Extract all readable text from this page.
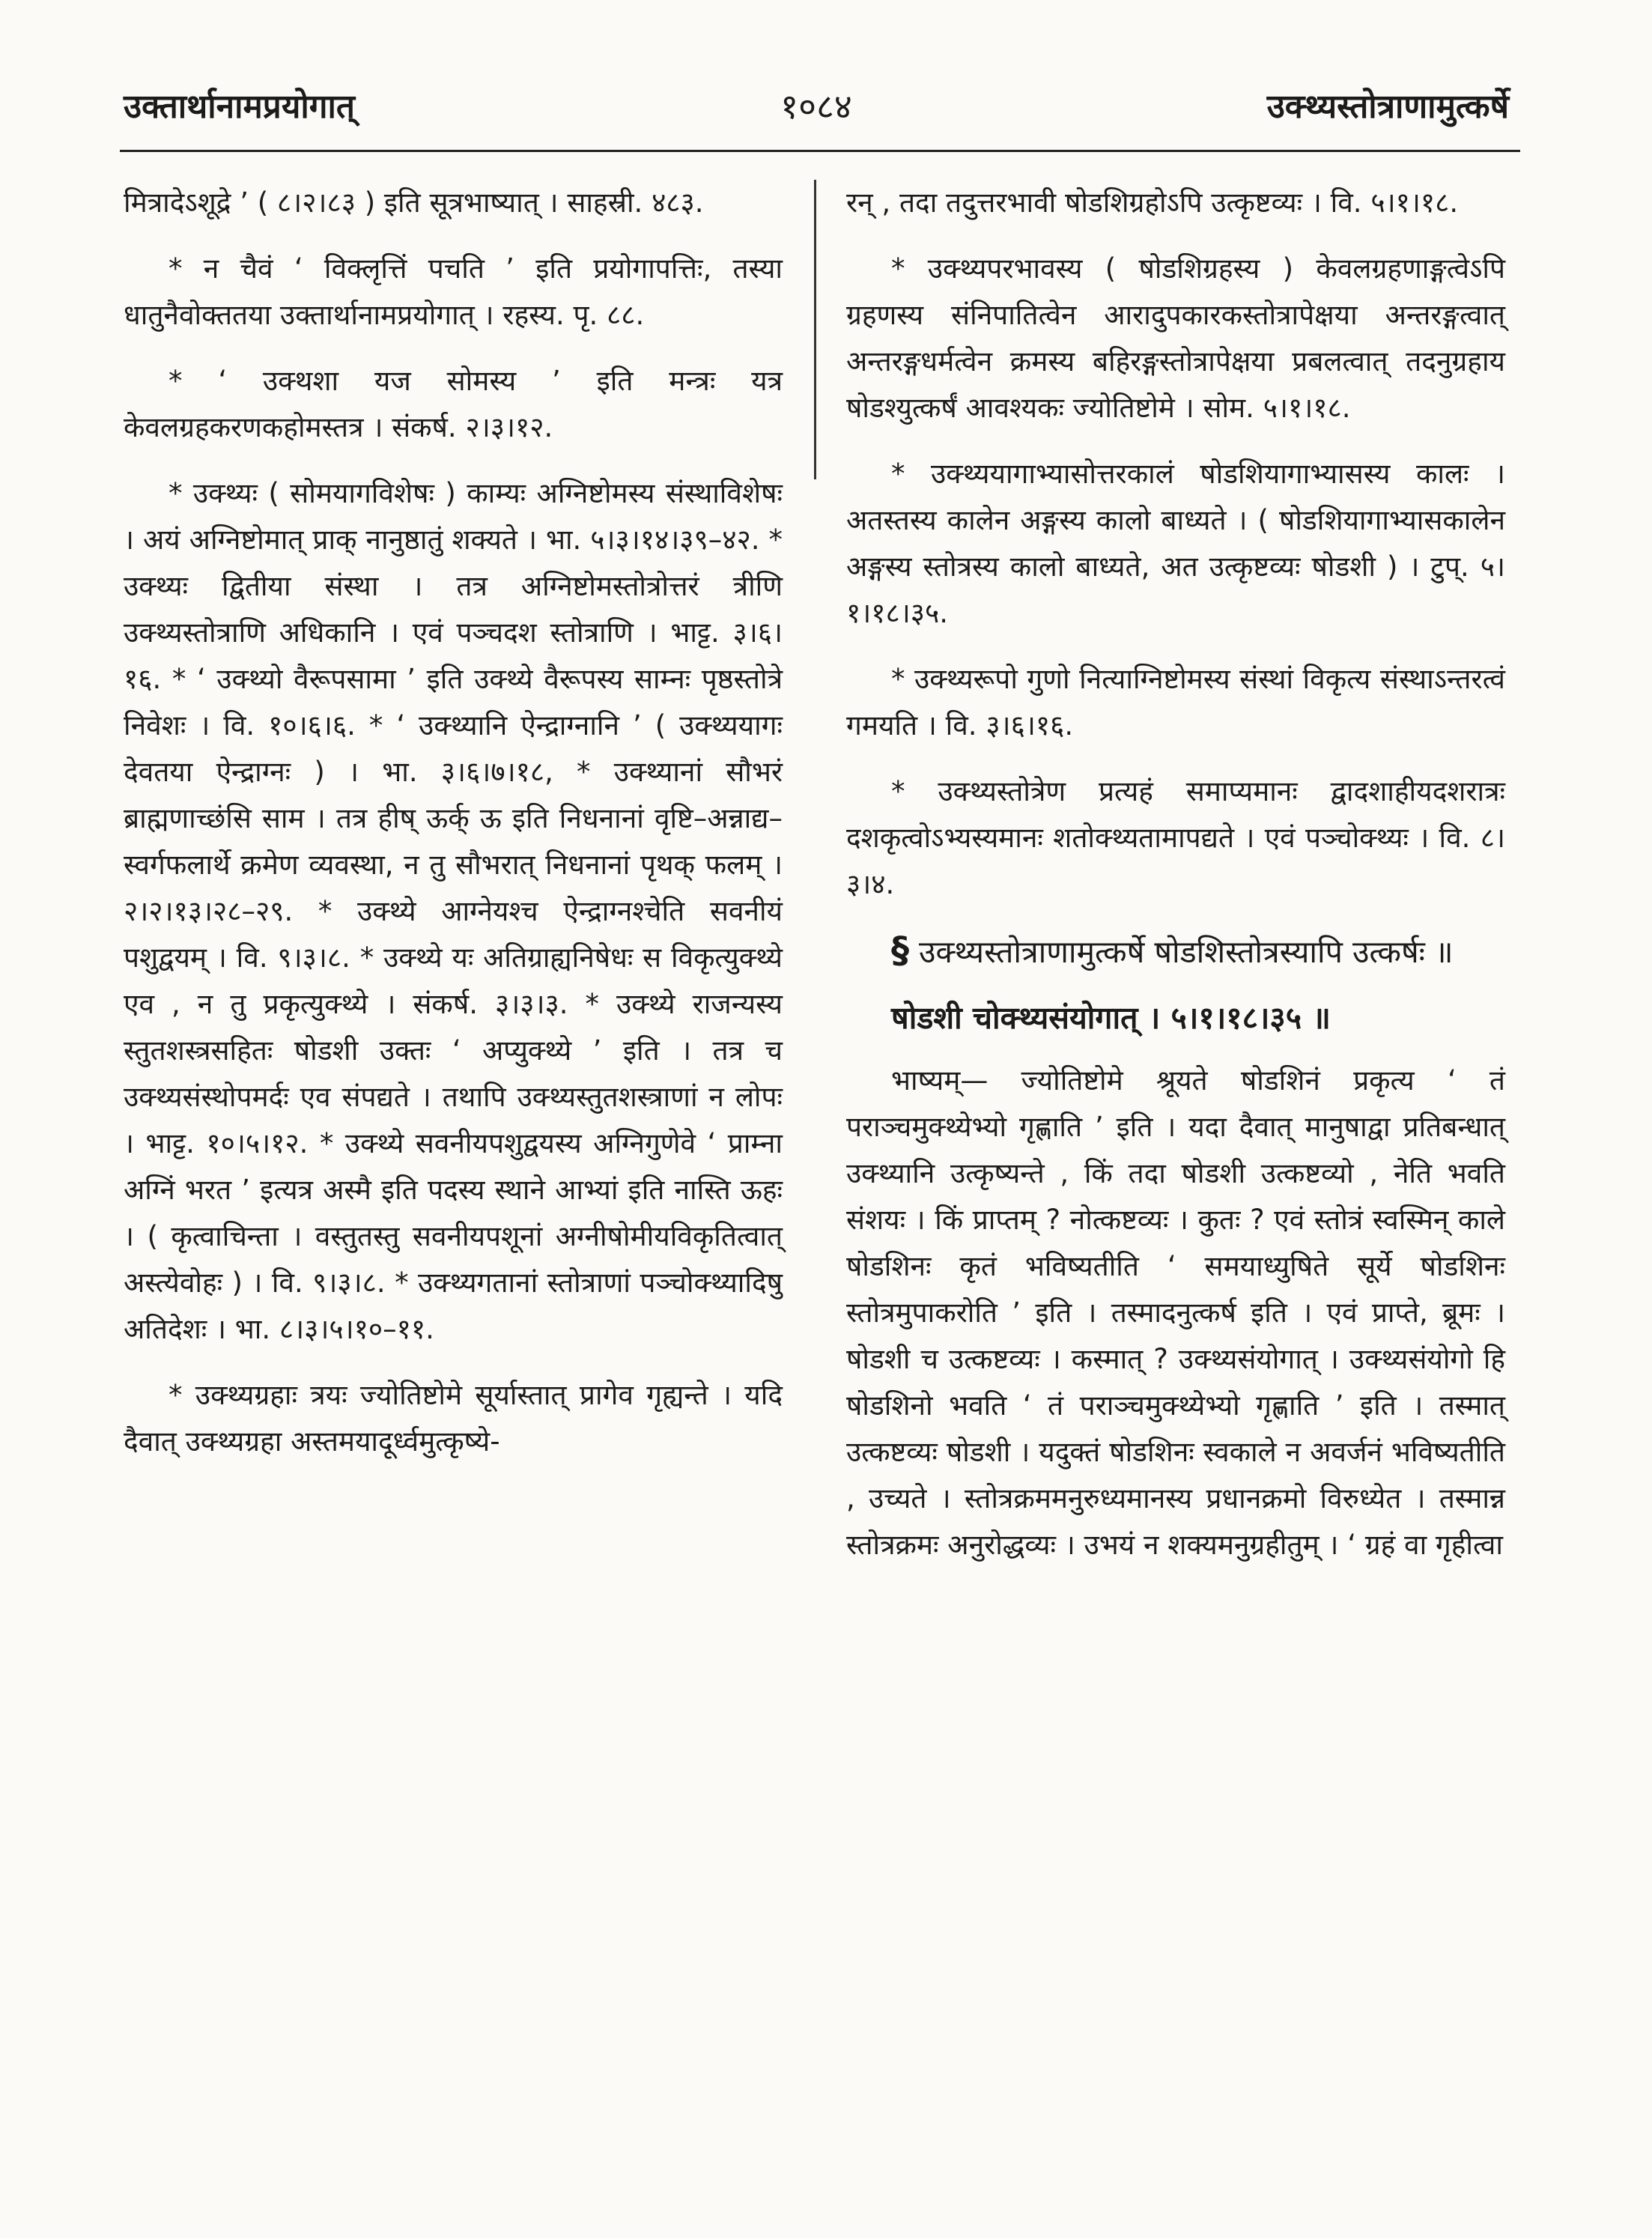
उक्तार्थानामप्रयोगात्	१०८४	उक्थ्यस्तोत्राणामुत्कर्षे

मित्रादेऽशूद्रे ’ ( ८।२।८३ ) इति सूत्रभाष्यात् । साहस्री. ४८३.

* न चैवं ‘ विक्लृत्तिं पचति ’ इति प्रयोगापत्तिः, तस्या धातुनैवोक्ततया उक्तार्थानामप्रयोगात् । रहस्य. पृ. ८८.

* ‘ उक्थशा यज सोमस्य ’ इति मन्त्रः यत्र केवलग्रहकरणकहोमस्तत्र । संकर्ष. २।३।१२.

* उक्थ्यः ( सोमयागविशेषः ) काम्यः अग्निष्टोमस्य संस्थाविशेषः । अयं अग्निष्टोमात् प्राक् नानुष्ठातुं शक्यते । भा. ५।३।१४।३९–४२. * उक्थ्यः द्वितीया संस्था । तत्र अग्निष्टोमस्तोत्रोत्तरं त्रीणि उक्थ्यस्तोत्राणि अधिकानि । एवं पञ्चदश स्तोत्राणि । भाट्ट. ३।६।१६. * ‘ उक्थ्यो वैरूपसामा ’ इति उक्थ्ये वैरूपस्य साम्नः पृष्ठस्तोत्रे निवेशः । वि. १०।६।६. * ‘ उक्थ्यानि ऐन्द्राग्नानि ’ ( उक्थ्ययागः देवतया ऐन्द्राग्नः ) । भा. ३।६।७।१८, * उक्थ्यानां सौभरं ब्राह्मणाच्छंसि साम । तत्र हीष् ऊर्क् ऊ इति निधनानां वृष्टि–अन्नाद्य–स्वर्गफलार्थे क्रमेण व्यवस्था, न तु सौभरात् निधनानां पृथक् फलम् । २।२।१३।२८–२९. * उक्थ्ये आग्नेयश्च ऐन्द्राग्नश्चेति सवनीयं पशुद्वयम् । वि. ९।३।८. * उक्थ्ये यः अतिग्राह्यनिषेधः स विकृत्युक्थ्ये एव , न तु प्रकृत्युक्थ्ये । संकर्ष. ३।३।३. * उक्थ्ये राजन्यस्य स्तुतशस्त्रसहितः षोडशी उक्तः ‘ अप्युक्थ्ये ’ इति । तत्र च उक्थ्यसंस्थोपमर्दः एव संपद्यते । तथापि उक्थ्यस्तुतशस्त्राणां न लोपः । भाट्ट. १०।५।१२. * उक्थ्ये सवनीयपशुद्वयस्य अग्निगुणेवे ‘ प्राम्ना अग्निं भरत ’ इत्यत्र अस्मै इति पदस्य स्थाने आभ्यां इति नास्ति ऊहः । ( कृत्वाचिन्ता । वस्तुतस्तु सवनीयपशूनां अग्नीषोमीयविकृतित्वात् अस्त्येवोहः ) । वि. ९।३।८. * उक्थ्यगतानां स्तोत्राणां पञ्चोक्थ्यादिषु अतिदेशः । भा. ८।३।५।१०–११.

* उक्थ्यग्रहाः त्रयः ज्योतिष्टोमे सूर्यास्तात् प्रागेव गृह्यन्ते । यदि दैवात् उक्थ्यग्रहा अस्तमयादूर्ध्वमुत्कृष्ये-

रन् , तदा तदुत्तरभावी षोडशिग्रहोऽपि उत्कृष्टव्यः । वि. ५।१।१८.

* उक्थ्यपरभावस्य ( षोडशिग्रहस्य ) केवलग्रहणाङ्गत्वेऽपि ग्रहणस्य संनिपातित्वेन आरादुपकारकस्तोत्रापेक्षया अन्तरङ्गत्वात् अन्तरङ्गधर्मत्वेन क्रमस्य बहिरङ्गस्तोत्रापेक्षया प्रबलत्वात् तदनुग्रहाय षोडश्युत्कर्षं आवश्यकः ज्योतिष्टोमे । सोम. ५।१।१८.

* उक्थ्ययागाभ्यासोत्तरकालं षोडशियागाभ्यासस्य कालः । अतस्तस्य कालेन अङ्गस्य कालो बाध्यते । ( षोडशियागाभ्यासकालेन अङ्गस्य स्तोत्रस्य कालो बाध्यते, अत उत्कृष्टव्यः षोडशी ) । टुप्. ५।१।१८।३५.

* उक्थ्यरूपो गुणो नित्याग्निष्टोमस्य संस्थां विकृत्य संस्थाऽन्तरत्वं गमयति । वि. ३।६।१६.

* उक्थ्यस्तोत्रेण प्रत्यहं समाप्यमानः द्वादशाहीयदशरात्रः दशकृत्वोऽभ्यस्यमानः शतोक्थ्यतामापद्यते । एवं पञ्चोक्थ्यः । वि. ८।३।४.

§ उक्थ्यस्तोत्राणामुत्कर्षे षोडशिस्तोत्रस्यापि उत्कर्षः ॥

षोडशी चोक्थ्यसंयोगात् । ५।१।१८।३५ ॥

भाष्यम्— ज्योतिष्टोमे श्रूयते षोडशिनं प्रकृत्य ‘ तं पराञ्चमुक्थ्येभ्यो गृह्णाति ’ इति । यदा दैवात् मानुषाद्वा प्रतिबन्धात् उक्थ्यानि उत्कृष्यन्ते , किं तदा षोडशी उत्कष्टव्यो , नेति भवति संशयः । किं प्राप्तम् ? नोत्कष्टव्यः । कुतः ? एवं स्तोत्रं स्वस्मिन् काले षोडशिनः कृतं भविष्यतीति ‘ समयाध्युषिते सूर्ये षोडशिनः स्तोत्रमुपाकरोति ’ इति । तस्मादनुत्कर्ष इति । एवं प्राप्ते, ब्रूमः । षोडशी च उत्कष्टव्यः । कस्मात् ? उक्थ्यसंयोगात् । उक्थ्यसंयोगो हि षोडशिनो भवति ‘ तं पराञ्चमुक्थ्येभ्यो गृह्णाति ’ इति । तस्मात् उत्कष्टव्यः षोडशी । यदुक्तं षोडशिनः स्वकाले न अवर्जनं भविष्यतीति , उच्यते । स्तोत्रक्रममनुरुध्यमानस्य प्रधानक्रमो विरुध्येत । तस्मान्न स्तोत्रक्रमः अनुरोद्धव्यः । उभयं न शक्यमनुग्रहीतुम् । ‘ ग्रहं वा गृहीत्वा
